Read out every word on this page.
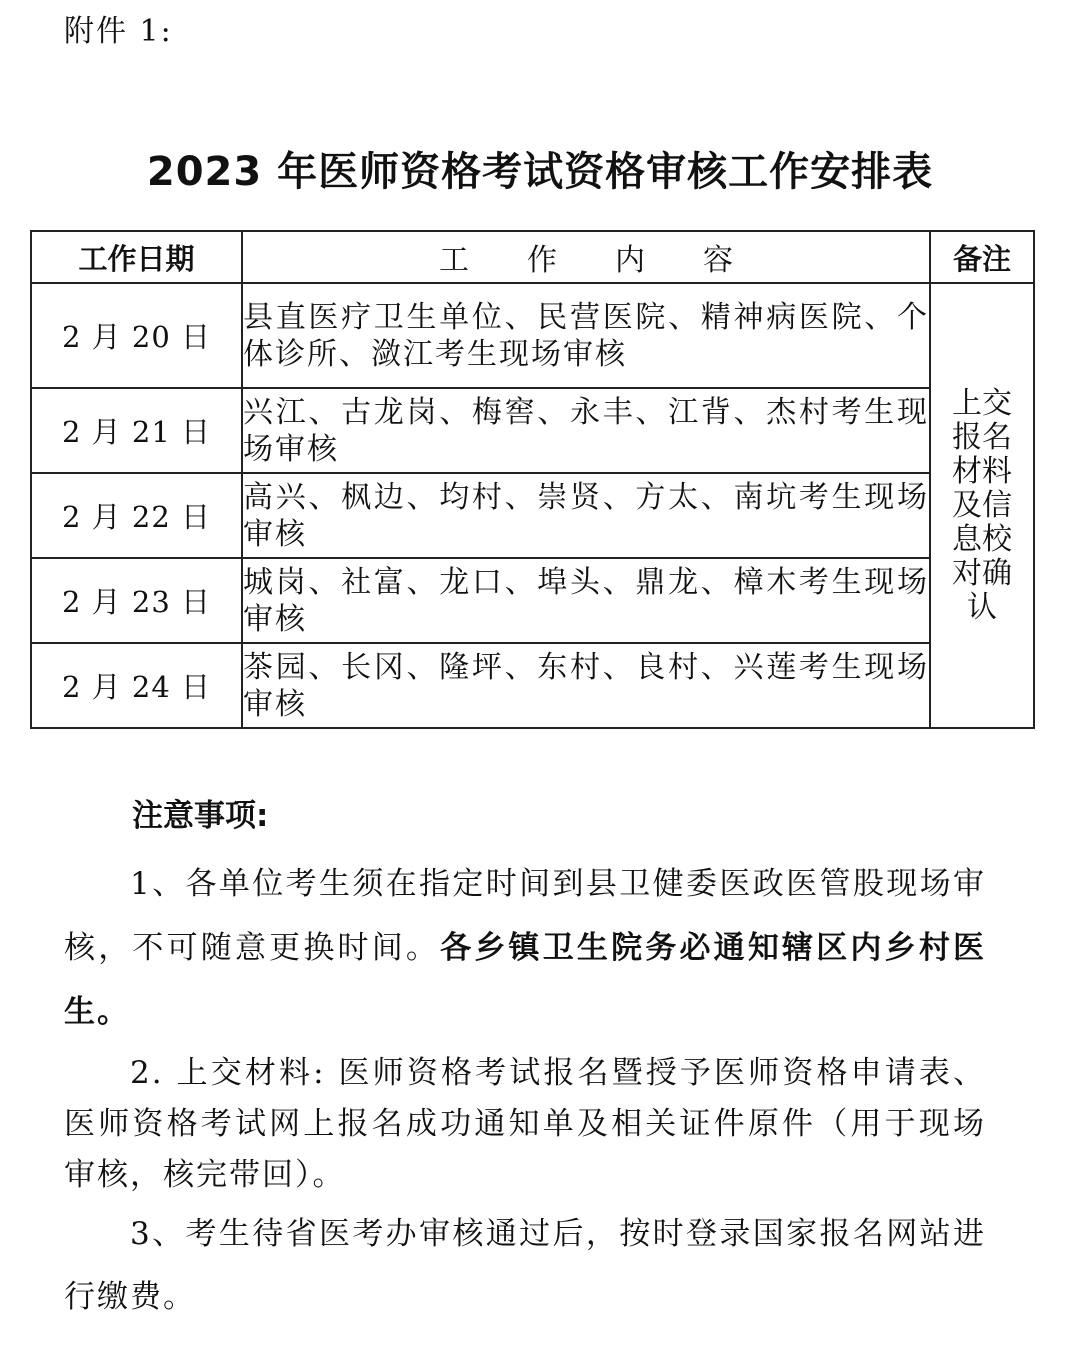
附件 1:
2023 年医师资格考试资格审核工作安排表
工作日期	工作内容	备注
2 月 20 日	县直医疗卫生单位、民营医院、精神病医院、个体诊所、潋江考生现场审核	上交报名材料及信息校对确认

2 月 21 日	兴江、古龙岗、梅窖、永丰、江背、杰村考生现场审核	
2 月 22 日	高兴、枫边、均村、崇贤、方太、南坑考生现场审核	
2 月 23 日	城岗、社富、龙口、埠头、鼎龙、樟木考生现场审核	
2 月 24 日	茶园、长冈、隆坪、东村、良村、兴莲考生现场审核	
注意事项:
1、各单位考生须在指定时间到县卫健委医政医管股现场审核，不可随意更换时间。各乡镇卫生院务必通知辖区内乡村医生。
2. 上交材料: 医师资格考试报名暨授予医师资格申请表、医师资格考试网上报名成功通知单及相关证件原件（用于现场审核，核完带回）。
3、考生待省医考办审核通过后，按时登录国家报名网站进行缴费。
